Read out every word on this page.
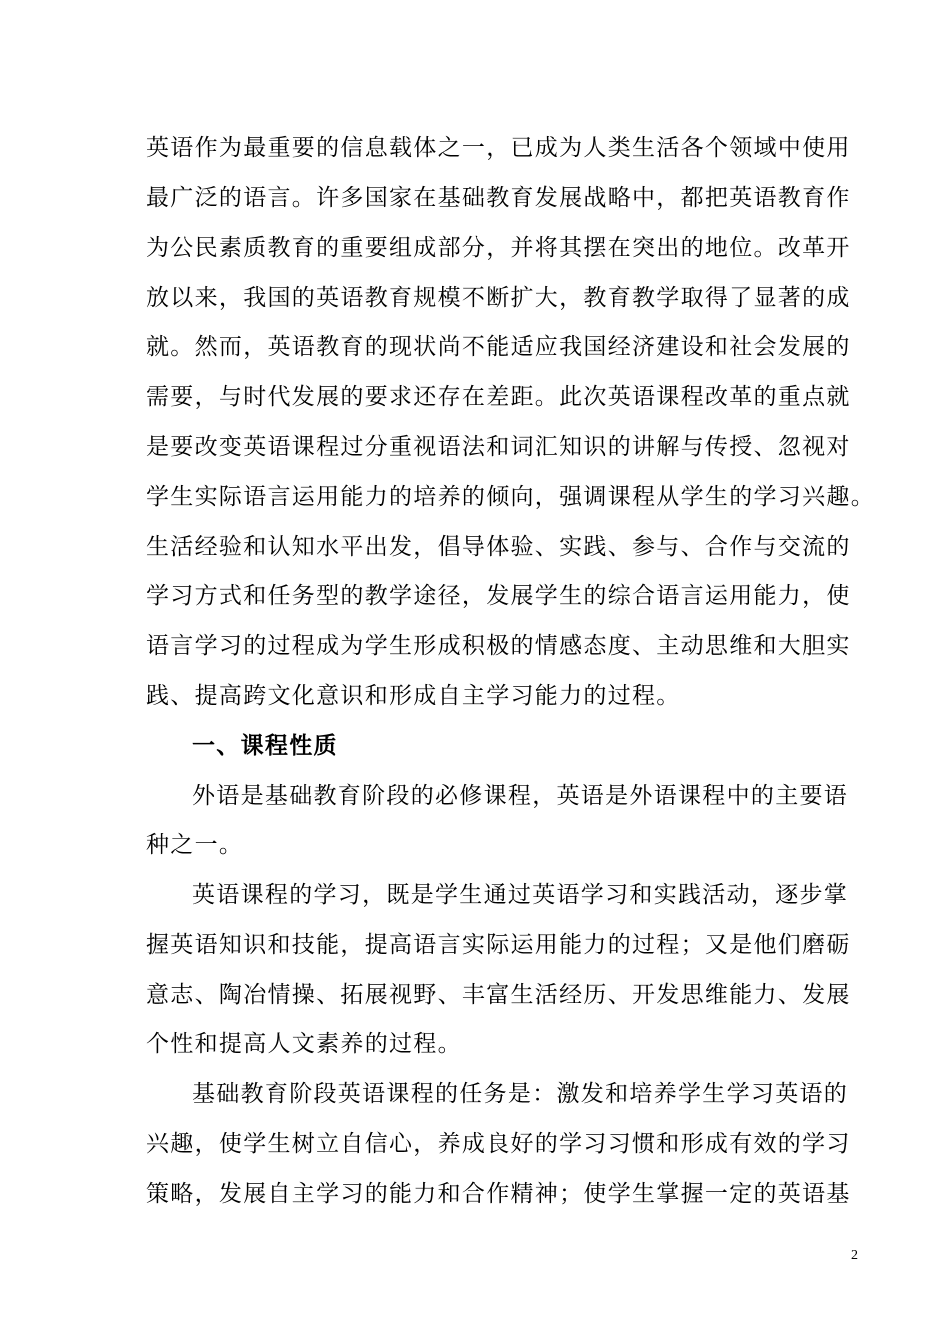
英语作为最重要的信息载体之一，已成为人类生活各个领域中使用
最广泛的语言。许多国家在基础教育发展战略中，都把英语教育作
为公民素质教育的重要组成部分，并将其摆在突出的地位。改革开
放以来，我国的英语教育规模不断扩大，教育教学取得了显著的成
就。然而，英语教育的现状尚不能适应我国经济建设和社会发展的
需要，与时代发展的要求还存在差距。此次英语课程改革的重点就
是要改变英语课程过分重视语法和词汇知识的讲解与传授、忽视对
学生实际语言运用能力的培养的倾向，强调课程从学生的学习兴趣。
生活经验和认知水平出发，倡导体验、实践、参与、合作与交流的
学习方式和任务型的教学途径，发展学生的综合语言运用能力，使
语言学习的过程成为学生形成积极的情感态度、主动思维和大胆实
践、提高跨文化意识和形成自主学习能力的过程。
一、课程性质
外语是基础教育阶段的必修课程，英语是外语课程中的主要语
种之一。
英语课程的学习，既是学生通过英语学习和实践活动，逐步掌
握英语知识和技能，提高语言实际运用能力的过程；又是他们磨砺
意志、陶冶情操、拓展视野、丰富生活经历、开发思维能力、发展
个性和提高人文素养的过程。
基础教育阶段英语课程的任务是：激发和培养学生学习英语的
兴趣，使学生树立自信心，养成良好的学习习惯和形成有效的学习
策略，发展自主学习的能力和合作精神；使学生掌握一定的英语基
2
